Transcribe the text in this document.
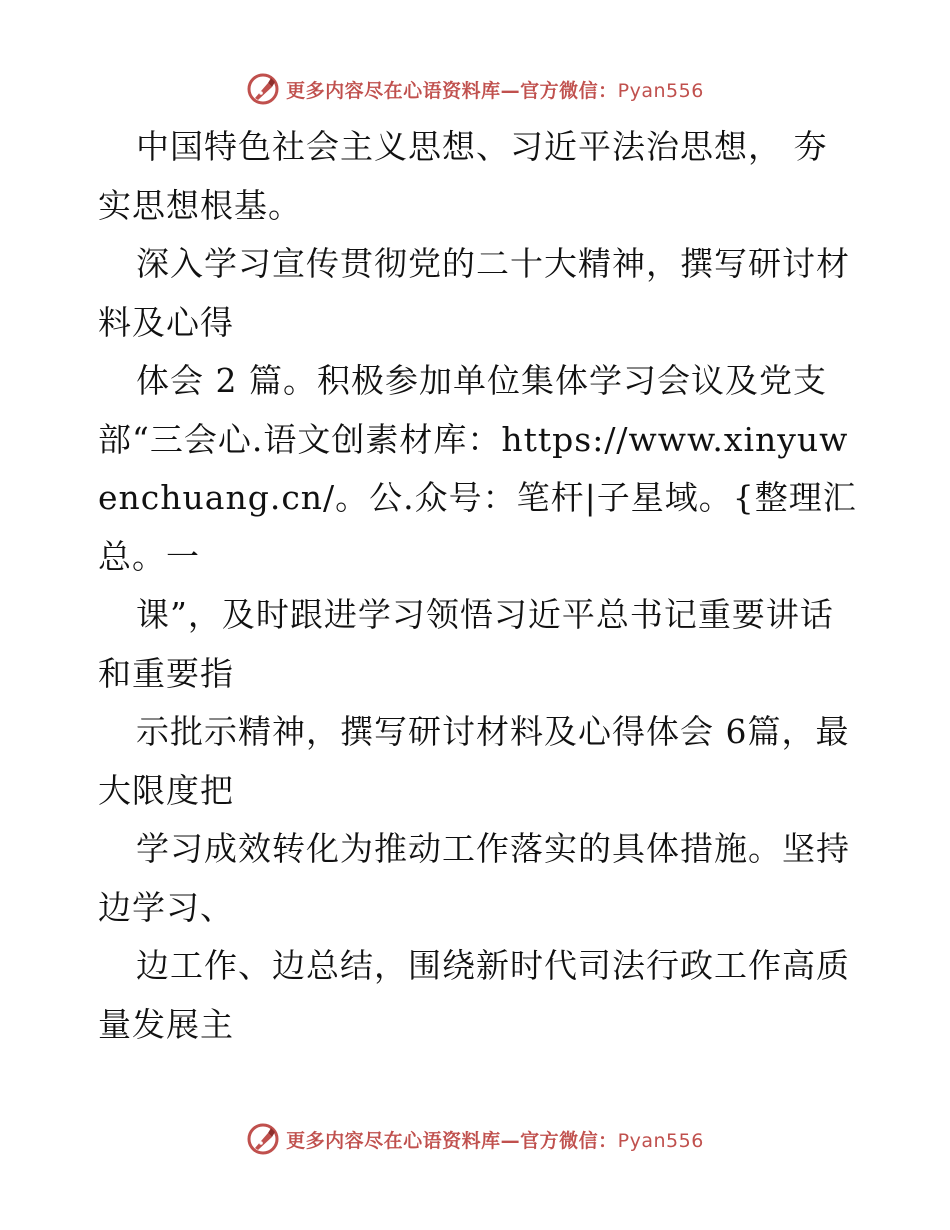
更多内容尽在心语资料库—官方微信：Pyan556

中国特色社会主义思想、习近平法治思想， 夯实思想根基。

深入学习宣传贯彻党的二十大精神，撰写研讨材料及心得

体会 2 篇。积极参加单位集体学习会议及党支部“三会心.语文创素材库：https://www.xinyuwenchuang.cn/。公.众号：笔杆|子星域。{整理汇总。一

课”，及时跟进学习领悟习近平总书记重要讲话和重要指

示批示精神，撰写研讨材料及心得体会 6篇，最大限度把

学习成效转化为推动工作落实的具体措施。坚持边学习、

边工作、边总结，围绕新时代司法行政工作高质量发展主

更多内容尽在心语资料库—官方微信：Pyan556
